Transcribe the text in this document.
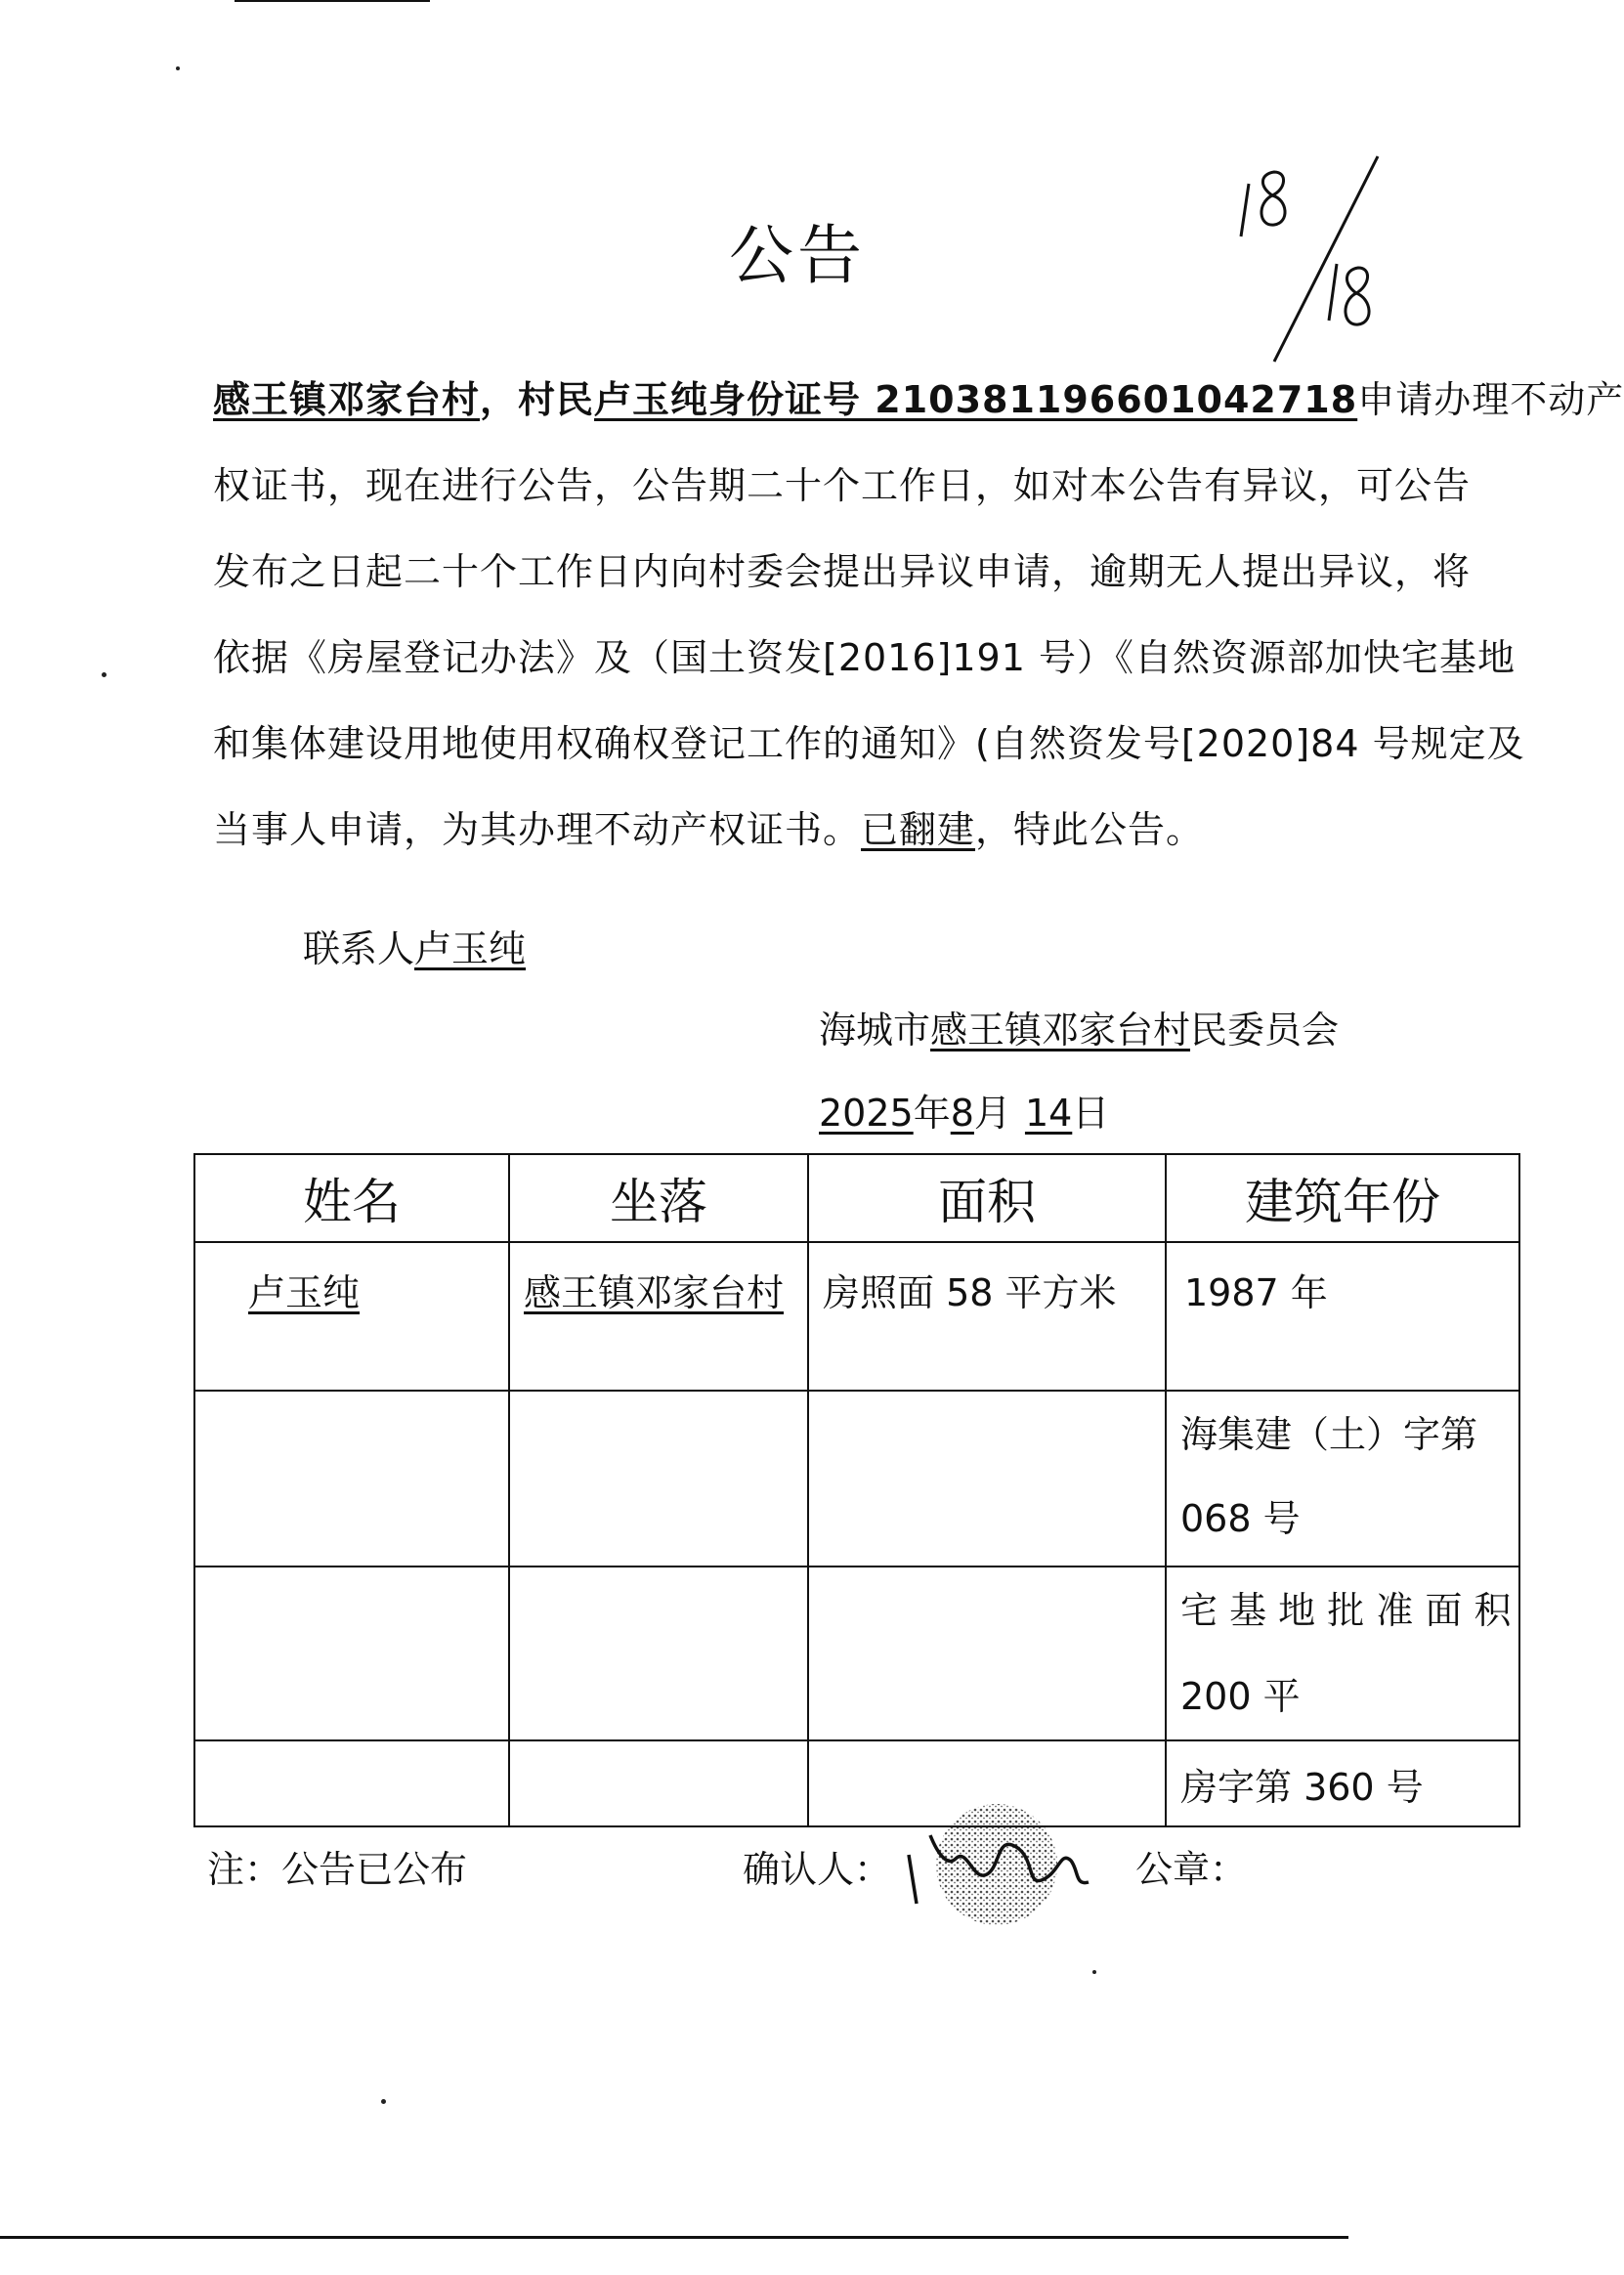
公告
感王镇邓家台村，村民卢玉纯身份证号 210381196601042718申请办理不动产
权证书，现在进行公告，公告期二十个工作日，如对本公告有异议，可公告
发布之日起二十个工作日内向村委会提出异议申请，逾期无人提出异议，将
依据《房屋登记办法》及（国土资发[2016]191 号）《自然资源部加快宅基地
和集体建设用地使用权确权登记工作的通知》(自然资发号[2020]84 号规定及
当事人申请，为其办理不动产权证书。已翻建，特此公告。
联系人卢玉纯
海城市感王镇邓家台村民委员会
2025年8月 14日
姓名	坐落	面积	建筑年份
卢玉纯	感王镇邓家台村	房照面 58 平方米	1987 年

			海集建（土）字第
068 号

			宅 基 地 批 准 面 积
200 平

			房字第 360 号
注：公告已公布	确认人：	公章：
